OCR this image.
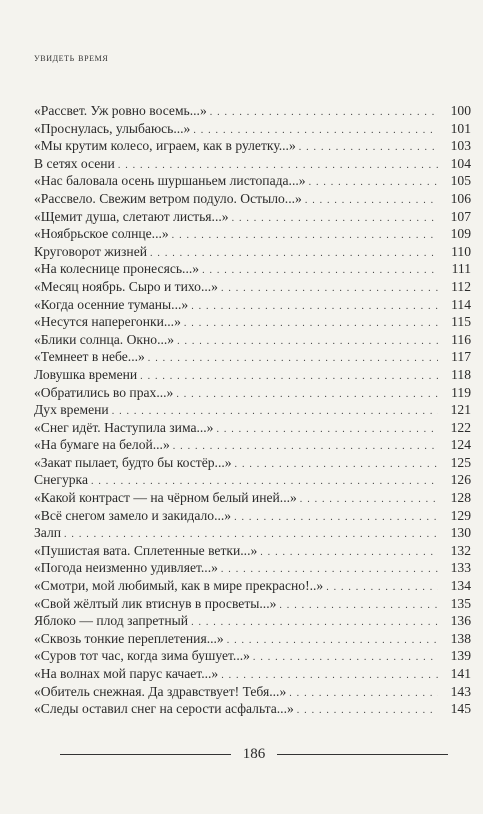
увидеть время
«Рассвет. Уж ровно восемь...» . . .	100
«Проснулась, улыбаюсь...» . . .	101
«Мы крутим колесо, играем, как в рулетку...» . . .	103
В сетях осени . . .	104
«Нас баловала осень шуршаньем листопада...» . . .	105
«Рассвело. Свежим ветром подуло. Остыло...» . . .	106
«Щемит душа, слетают листья...» . . .	107
«Ноябрьское солнце...» . . .	109
Круговорот жизней . . .	110
«На колеснице пронесясь...» . . .	111
«Месяц ноябрь. Сыро и тихо...» . . .	112
«Когда осенние туманы...» . . .	114
«Несутся наперегонки...» . . .	115
«Блики солнца. Окно...» . . .	116
«Темнеет в небе...» . . .	117
Ловушка времени . . .	118
«Обратились во прах...» . . .	119
Дух времени . . .	121
«Снег идёт. Наступила зима...» . . .	122
«На бумаге на белой...» . . .	124
«Закат пылает, будто бы костёр...» . . .	125
Снегурка . . .	126
«Какой контраст — на чёрном белый иней...» . . .	128
«Всё снегом замело и закидало...» . . .	129
Залп . . .	130
«Пушистая вата. Сплетенные ветки...» . . .	132
«Погода неизменно удивляет...» . . .	133
«Смотри, мой любимый, как в мире прекрасно!..» . . .	134
«Свой жёлтый лик втиснув в просветы...» . . .	135
Яблоко — плод запретный . . .	136
«Сквозь тонкие переплетения...» . . .	138
«Суров тот час, когда зима бушует...» . . .	139
«На волнах мой парус качает...» . . .	141
«Обитель снежная. Да здравствует! Тебя...» . . .	143
«Следы оставил снег на серости асфальта...» . . .	145
186
